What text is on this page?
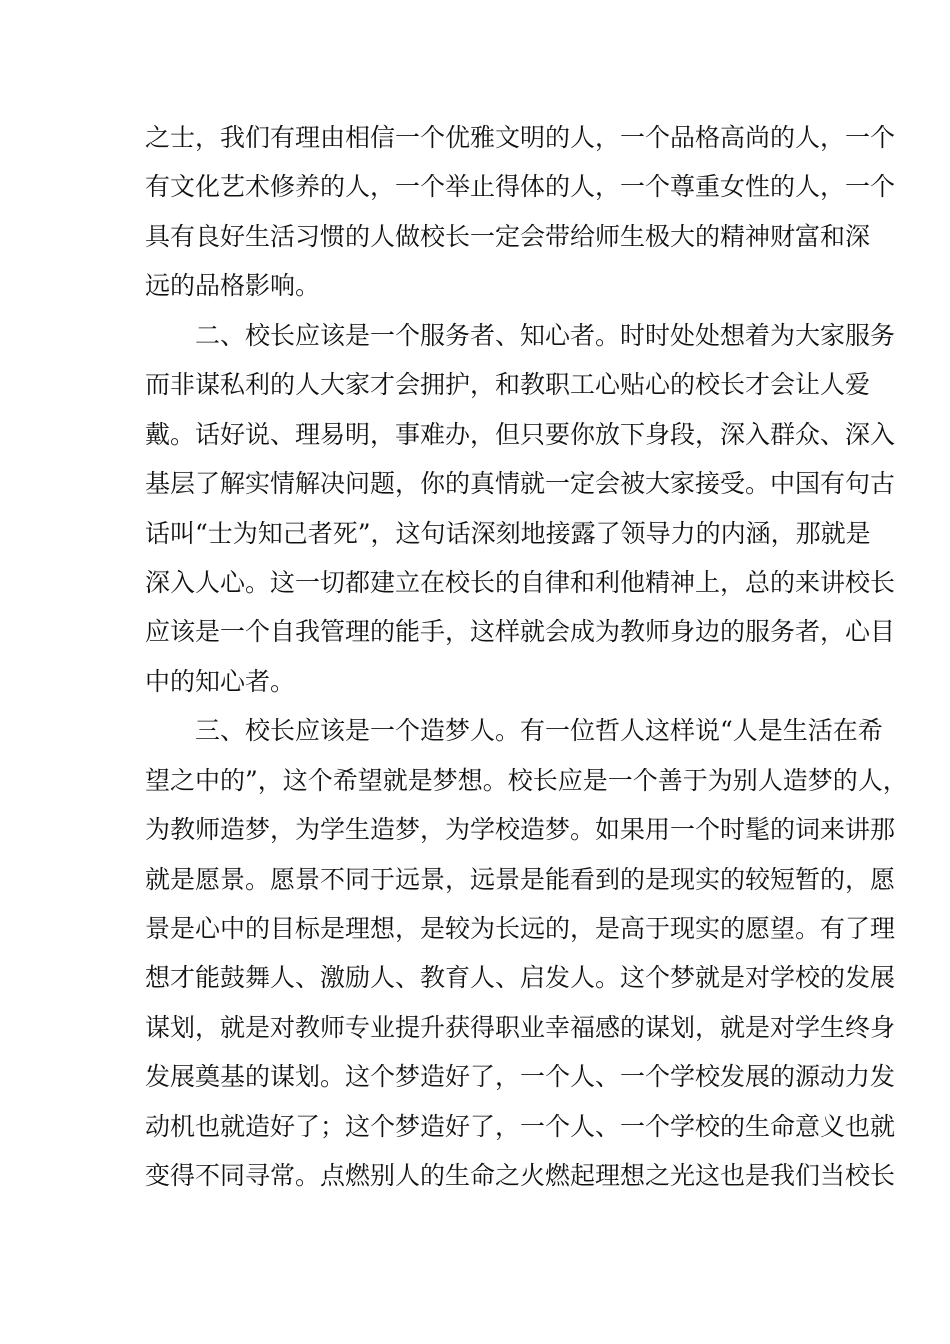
之士，我们有理由相信一个优雅文明的人，一个品格高尚的人，一个
有文化艺术修养的人，一个举止得体的人，一个尊重女性的人，一个
具有良好生活习惯的人做校长一定会带给师生极大的精神财富和深
远的品格影响。
二、校长应该是一个服务者、知心者。时时处处想着为大家服务
而非谋私利的人大家才会拥护，和教职工心贴心的校长才会让人爱
戴。话好说、理易明，事难办，但只要你放下身段，深入群众、深入
基层了解实情解决问题，你的真情就一定会被大家接受。中国有句古
话叫“士为知己者死”，这句话深刻地接露了领导力的内涵，那就是
深入人心。这一切都建立在校长的自律和利他精神上，总的来讲校长
应该是一个自我管理的能手，这样就会成为教师身边的服务者，心目
中的知心者。
三、校长应该是一个造梦人。有一位哲人这样说“人是生活在希
望之中的”，这个希望就是梦想。校长应是一个善于为别人造梦的人，
为教师造梦，为学生造梦，为学校造梦。如果用一个时髦的词来讲那
就是愿景。愿景不同于远景，远景是能看到的是现实的较短暂的，愿
景是心中的目标是理想，是较为长远的，是高于现实的愿望。有了理
想才能鼓舞人、激励人、教育人、启发人。这个梦就是对学校的发展
谋划，就是对教师专业提升获得职业幸福感的谋划，就是对学生终身
发展奠基的谋划。这个梦造好了，一个人、一个学校发展的源动力发
动机也就造好了；这个梦造好了，一个人、一个学校的生命意义也就
变得不同寻常。点燃别人的生命之火燃起理想之光这也是我们当校长
